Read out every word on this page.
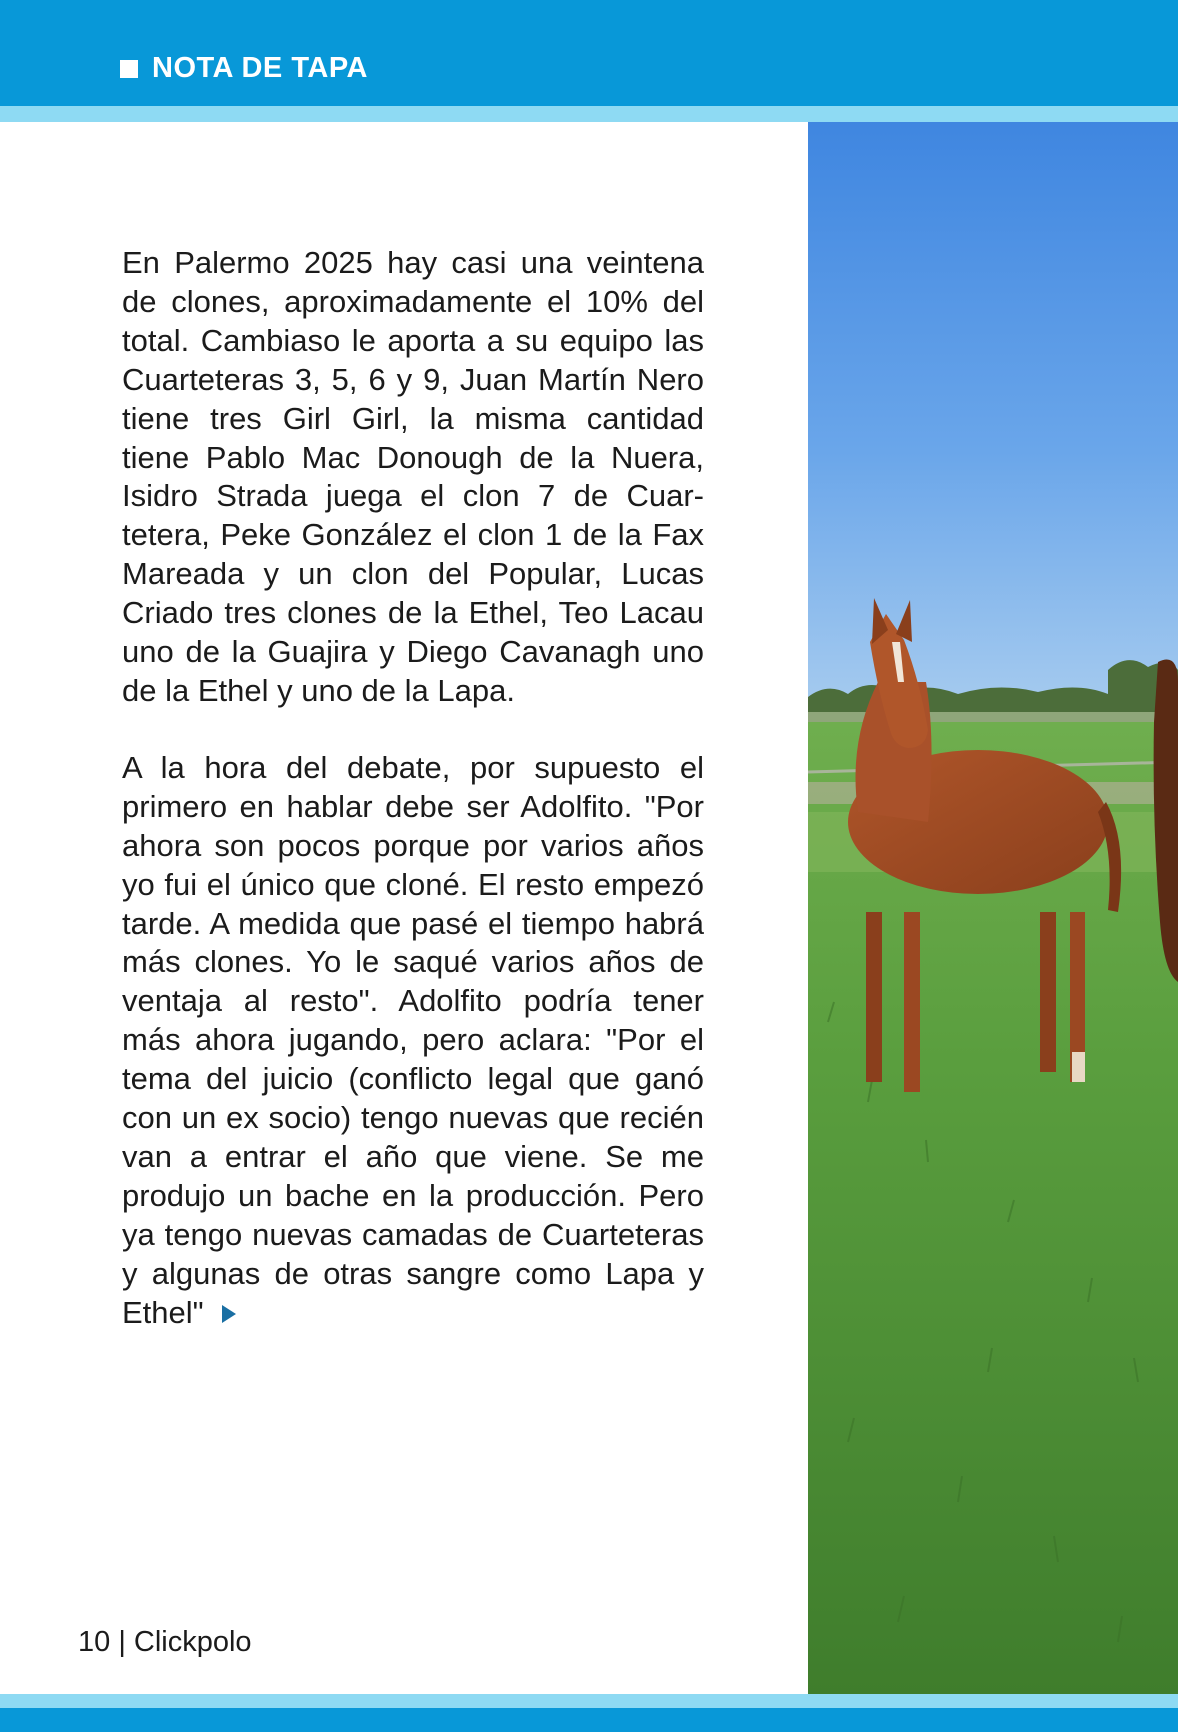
NOTA DE TAPA

En Palermo 2025 hay casi una veintena de clones, aproximadamente el 10% del total. Cambiaso le aporta a su equipo las Cuarteteras 3, 5, 6 y 9, Juan Martín Nero tiene tres Girl Girl, la misma cantidad tiene Pablo Mac Donough de la Nuera, Isidro Strada juega el clon 7 de Cuartetera, Peke González el clon 1 de la Fax Mareada y un clon del Popular, Lucas Criado tres clones de la Ethel, Teo Lacau uno de la Guajira y Diego Cavanagh uno de la Ethel y uno de la Lapa.

A la hora del debate, por supuesto el primero en hablar debe ser Adolfito. "Por ahora son pocos porque por varios años yo fui el único que cloné. El resto empezó tarde. A medida que pasé el tiempo habrá más clones. Yo le saqué varios años de ventaja al resto". Adolfito podría tener más ahora jugando, pero aclara: "Por el tema del juicio (conflicto legal que ganó con un ex socio) tengo nuevas que recién van a entrar el año que viene. Se me produjo un bache en la producción. Pero ya tengo nuevas camadas de Cuarteteras y algunas de otras sangre como Lapa y Ethel"

10 | Clickpolo
